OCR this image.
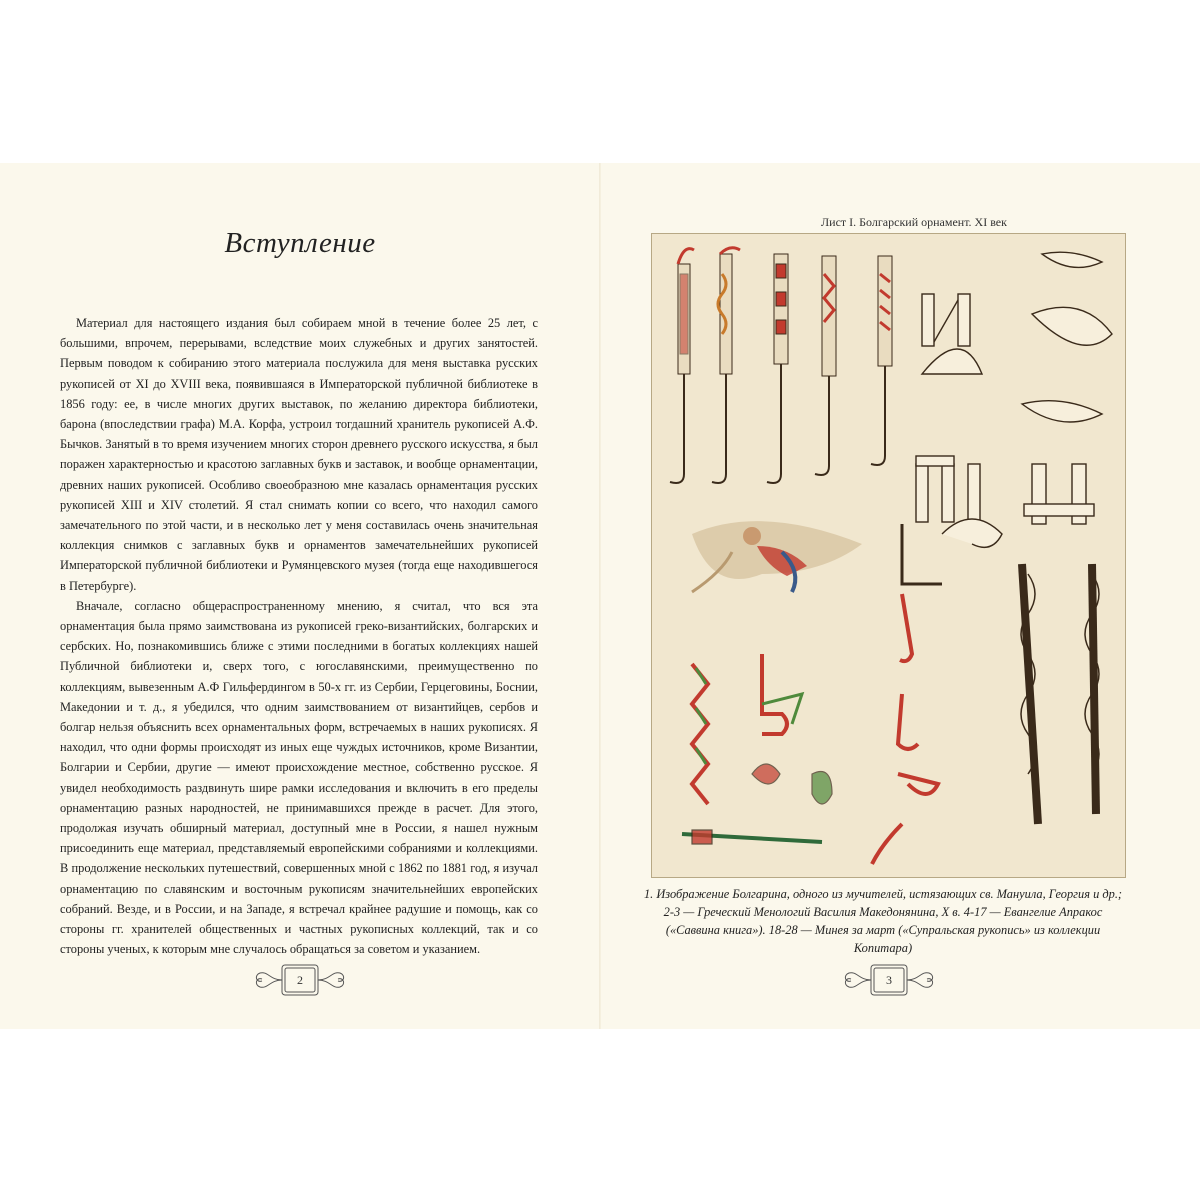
Вступление

Материал для настоящего издания был собираем мной в течение более 25 лет, с большими, впрочем, перерывами, вследствие моих служебных и других занятостей. Первым поводом к собиранию этого материала послужила для меня выставка русских рукописей от XI до XVIII века, появившаяся в Императорской публичной библиотеке в 1856 году: ее, в числе многих других выставок, по желанию директора библиотеки, барона (впоследствии графа) М.А. Корфа, устроил тогдашний хранитель рукописей А.Ф. Бычков. Занятый в то время изучением многих сторон древнего русского искусства, я был поражен характерностью и красотою заглавных букв и заставок, и вообще орнаментации, древних наших рукописей. Особливо своеобразною мне казалась орнаментация русских рукописей XIII и XIV столетий. Я стал снимать копии со всего, что находил самого замечательного по этой части, и в несколько лет у меня составилась очень значительная коллекция снимков с заглавных букв и орнаментов замечательнейших рукописей Императорской публичной библиотеки и Румянцевского музея (тогда еще находившегося в Петербурге).

Вначале, согласно общераспространенному мнению, я считал, что вся эта орнаментация была прямо заимствована из рукописей греко-византийских, болгарских и сербских. Но, познакомившись ближе с этими последними в богатых коллекциях нашей Публичной библиотеки и, сверх того, с югославянскими, преимущественно по коллекциям, вывезенным А.Ф Гильфердингом в 50-х гг. из Сербии, Герцеговины, Боснии, Македонии и т. д., я убедился, что одним заимствованием от византийцев, сербов и болгар нельзя объяснить всех орнаментальных форм, встречаемых в наших рукописях. Я находил, что одни формы происходят из иных еще чуждых источников, кроме Византии, Болгарии и Сербии, другие — имеют происхождение местное, собственно русское. Я увидел необходимость раздвинуть шире рамки исследования и включить в его пределы орнаментацию разных народностей, не принимавшихся прежде в расчет. Для этого, продолжая изучать обширный материал, доступный мне в России, я нашел нужным присоединить еще материал, представляемый европейскими собраниями и коллекциями. В продолжение нескольких путешествий, совершенных мной с 1862 по 1881 год, я изучал орнаментацию по славянским и восточным рукописям значительнейших европейских собраний. Везде, и в России, и на Западе, я встречал крайнее радушие и помощь, как со стороны гг. хранителей общественных и частных рукописных коллекций, так и со стороны ученых, к которым мне случалось обращаться за советом и указанием.

2
Лист I. Болгарский орнамент. XI век
1. Изображение Болгарина, одного из мучителей, истязающих св. Мануила, Георгия и др.; 2-3 — Греческий Менологий Василия Македонянина, X в. 4-17 — Евангелие Апракос («Саввина книга»). 18-28 — Минея за март («Супральская рукопись» из коллекции Копитара)
3
